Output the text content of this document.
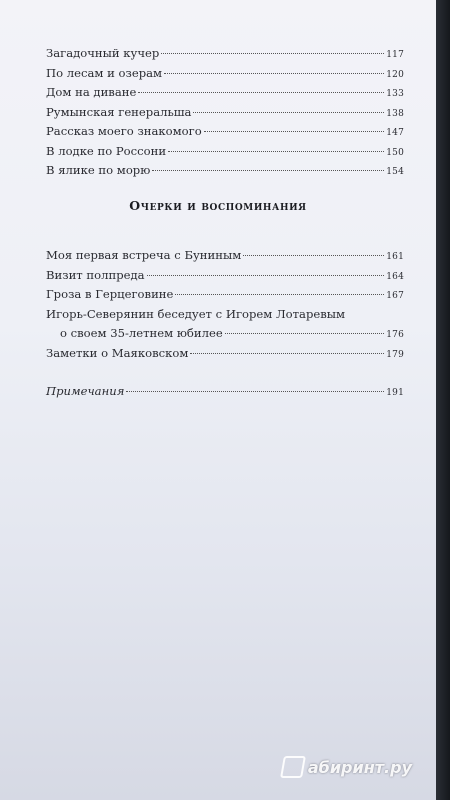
Загадочный кучер	117
По лесам и озерам	120
Дом на диване	133
Румынская генеральша	138
Рассказ моего знакомого	147
В лодке по Россони	150
В ялике по морю	154
Очерки и воспоминания
Моя первая встреча с Буниным	161
Визит полпреда	164
Гроза в Герцеговине	167
Игорь-Северянин беседует с Игорем Лотаревым
о своем 35-летнем юбилее	176
Заметки о Маяковском	179
Примечания	191
абиринт.ру
